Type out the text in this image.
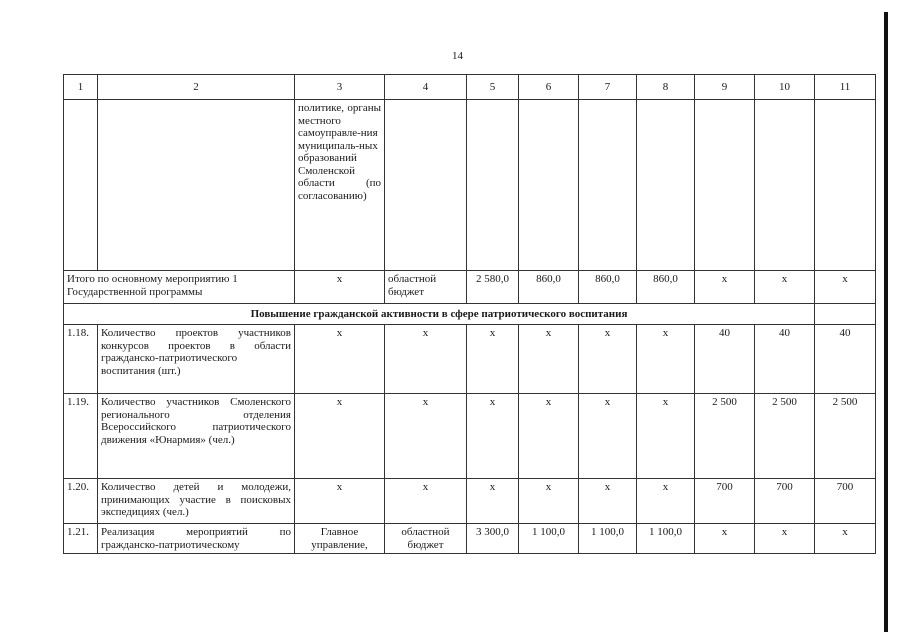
14
1	2	3	4	5	6	7	8	9	10	11
		политике, органы местного самоуправле-ния муниципаль-ных образований Смоленской области (по согласованию)								
Итого по основному мероприятию 1 Государственной программы		x	областной бюджет	2 580,0	860,0	860,0	860,0	x	x	x
Повышение гражданской активности в сфере патриотического воспитания										
1.18.	Количество проектов участников конкурсов проектов в области гражданско-патриотического воспитания (шт.)	x	x	x	x	x	x	40	40	40
1.19.	Количество участников Смоленского регионального отделения Всероссийского патриотического движения «Юнармия» (чел.)	x	x	x	x	x	x	2 500	2 500	2 500
1.20.	Количество детей и молодежи, принимающих участие в поисковых экспедициях (чел.)	x	x	x	x	x	x	700	700	700
1.21.	Реализация мероприятий по гражданско-патриотическому	Главное управление,	областной бюджет	3 300,0	1 100,0	1 100,0	1 100,0	x	x	x
